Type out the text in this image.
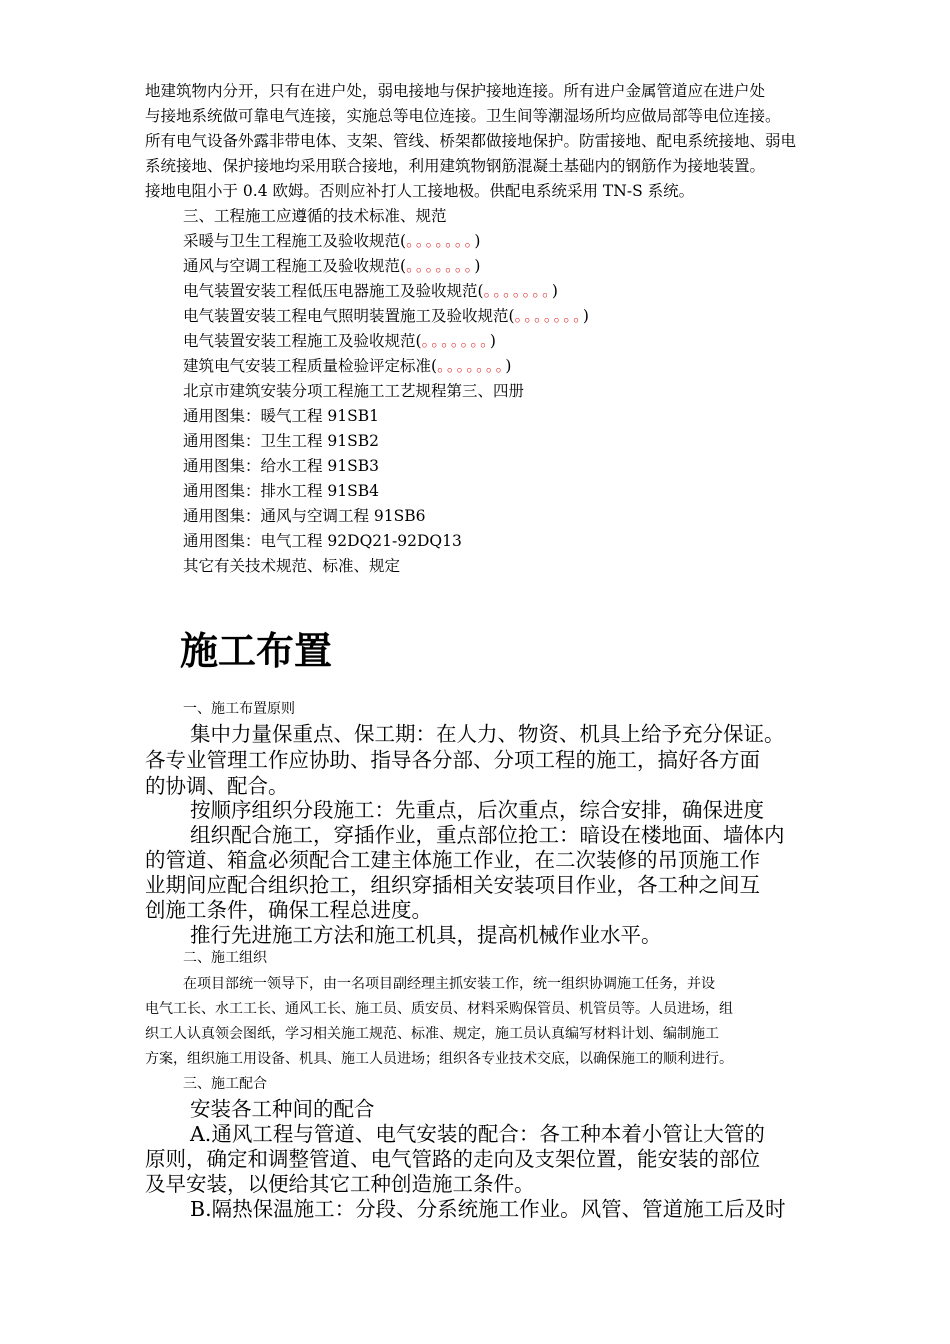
地建筑物内分开，只有在进户处，弱电接地与保护接地连接。所有进户金属管道应在进户处
与接地系统做可靠电气连接，实施总等电位连接。卫生间等潮湿场所均应做局部等电位连接。
所有电气设备外露非带电体、支架、管线、桥架都做接地保护。防雷接地、配电系统接地、弱电
系统接地、保护接地均采用联合接地，利用建筑物钢筋混凝土基础内的钢筋作为接地装置。
接地电阻小于 0.4 欧姆。否则应补打人工接地极。供配电系统采用 TN-S 系统。
三、工程施工应遵循的技术标准、规范
采暖与卫生工程施工及验收规范(。。。。。。。)
通风与空调工程施工及验收规范(。。。。。。。)
电气装置安装工程低压电器施工及验收规范(。。。。。。。)
电气装置安装工程电气照明装置施工及验收规范(。。。。。。。)
电气装置安装工程施工及验收规范(。。。。。。。)
建筑电气安装工程质量检验评定标准(。。。。。。。)
北京市建筑安装分项工程施工工艺规程第三、四册
通用图集：暖气工程 91SB1
通用图集：卫生工程 91SB2
通用图集：给水工程 91SB3
通用图集：排水工程 91SB4
通用图集：通风与空调工程 91SB6
通用图集：电气工程 92DQ21-92DQ13
其它有关技术规范、标准、规定
施工布置
一、施工布置原则
集中力量保重点、保工期：在人力、物资、机具上给予充分保证。
各专业管理工作应协助、指导各分部、分项工程的施工，搞好各方面
的协调、配合。
按顺序组织分段施工：先重点，后次重点，综合安排，确保进度
组织配合施工，穿插作业，重点部位抢工：暗设在楼地面、墙体内
的管道、箱盒必须配合工建主体施工作业，在二次装修的吊顶施工作
业期间应配合组织抢工，组织穿插相关安装项目作业，各工种之间互
创施工条件，确保工程总进度。
推行先进施工方法和施工机具，提高机械作业水平。
二、施工组织
在项目部统一领导下，由一名项目副经理主抓安装工作，统一组织协调施工任务，并设
电气工长、水工工长、通风工长、施工员、质安员、材料采购保管员、机管员等。人员进场，组
织工人认真领会图纸，学习相关施工规范、标准、规定，施工员认真编写材料计划、编制施工
方案，组织施工用设备、机具、施工人员进场；组织各专业技术交底，以确保施工的顺利进行。
三、施工配合
安装各工种间的配合
A.通风工程与管道、电气安装的配合：各工种本着小管让大管的
原则，确定和调整管道、电气管路的走向及支架位置，能安装的部位
及早安装，以便给其它工种创造施工条件。
B.隔热保温施工：分段、分系统施工作业。风管、管道施工后及时
